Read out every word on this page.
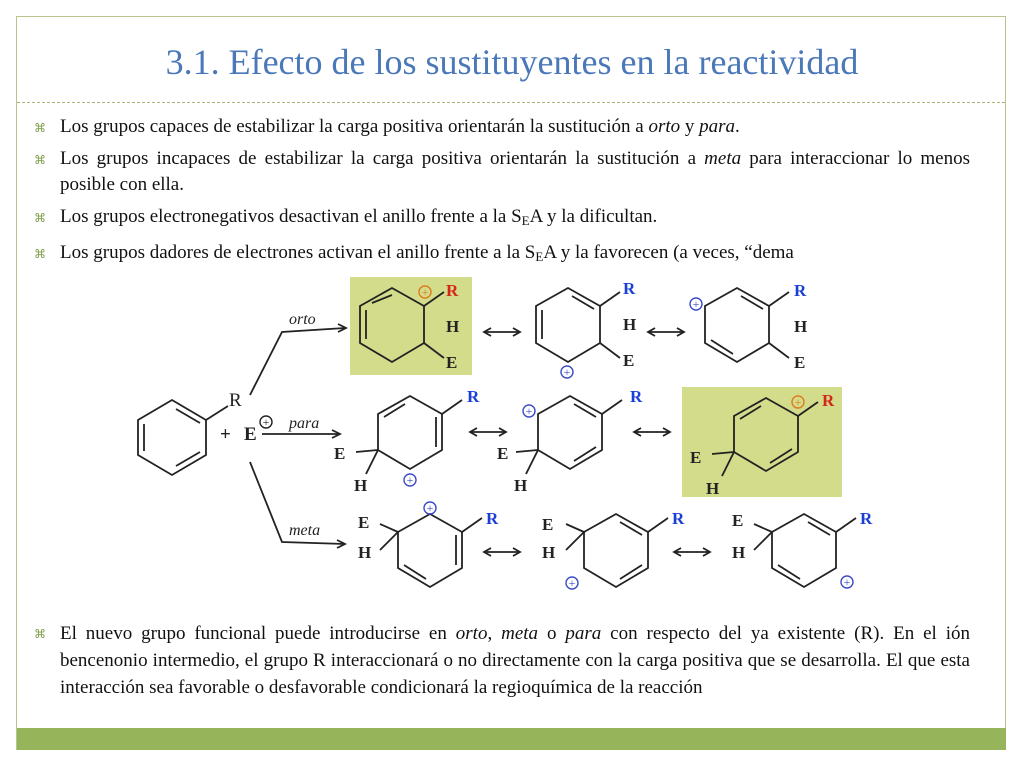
3.1. Efecto de los sustituyentes en la reactividad
⌘ Los grupos capaces de estabilizar la carga positiva orientarán la sustitución a orto y para.
⌘ Los grupos incapaces de estabilizar la carga positiva orientarán la sustitución a meta para interaccionar lo menos posible con ella.
⌘ Los grupos electronegativos desactivan el anillo frente a la $S_EA$ y la dificultan.
⌘ Los grupos dadores de electrones activan el anillo frente a la $S_EA$ y la favorecen (a veces, “dema
+
+
+
+
+
+
+
+
+	+
R
+ E
orto
para
meta
R
H
E
R
H
E
R
H
E
R
E
H
R
E
H
R
E
H
R
E
H
R
E
H
R
E
H
⌘ El nuevo grupo funcional puede introducirse en orto, meta o para con respecto del ya existente (R). En el ión bencenonio intermedio, el grupo R interaccionará o no directamente con la carga positiva que se desarrolla. El que esta interacción sea favorable o desfavorable condicionará la regioquímica de la reacción
